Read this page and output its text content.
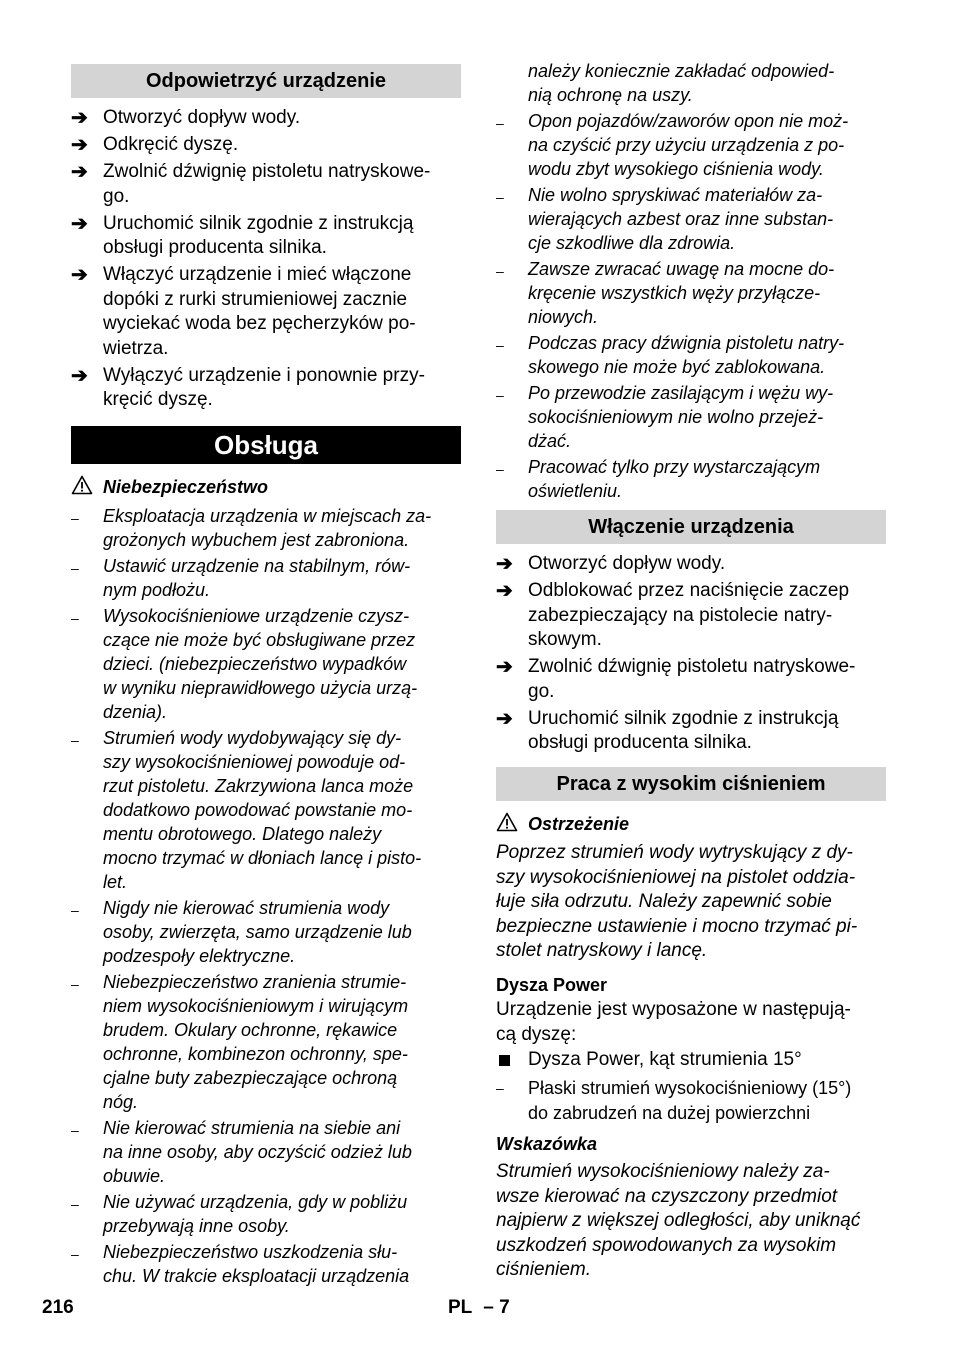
Odpowietrzyć urządzenie
➔ Otworzyć dopływ wody.
➔ Odkręcić dyszę.
➔ Zwolnić dźwignię pistoletu natryskowe-
go.
➔ Uruchomić silnik zgodnie z instrukcją
obsługi producenta silnika.
➔ Włączyć urządzenie i mieć włączone
dopóki z rurki strumieniowej zacznie
wyciekać woda bez pęcherzyków po-
wietrza.
➔ Wyłączyć urządzenie i ponownie przy-
kręcić dyszę.
Obsługa
Niebezpieczeństwo
–	Eksploatacja urządzenia w miejscach za-
grożonych wybuchem jest zabroniona.
–	Ustawić urządzenie na stabilnym, rów-
nym podłożu.
–	Wysokociśnieniowe urządzenie czysz-
czące nie może być obsługiwane przez
dzieci. (niebezpieczeństwo wypadków
w wyniku nieprawidłowego użycia urzą-
dzenia).
–	Strumień wody wydobywający się dy-
szy wysokociśnieniowej powoduje od-
rzut pistoletu. Zakrzywiona lanca może
dodatkowo powodować powstanie mo-
mentu obrotowego. Dlatego należy
mocno trzymać w dłoniach lancę i pisto-
let.
–	Nigdy nie kierować strumienia wody
osoby, zwierzęta, samo urządzenie lub
podzespoły elektryczne.
–	Niebezpieczeństwo zranienia strumie-
niem wysokociśnieniowym i wirującym
brudem. Okulary ochronne, rękawice
ochronne, kombinezon ochronny, spe-
cjalne buty zabezpieczające ochroną
nóg.
–	Nie kierować strumienia na siebie ani
na inne osoby, aby oczyścić odzież lub
obuwie.
–	Nie używać urządzenia, gdy w pobliżu
przebywają inne osoby.
–	Niebezpieczeństwo uszkodzenia słu-
chu. W trakcie eksploatacji urządzenia
należy koniecznie zakładać odpowied-
nią ochronę na uszy.
–	Opon pojazdów/zaworów opon nie moż-
na czyścić przy użyciu urządzenia z po-
wodu zbyt wysokiego ciśnienia wody.
–	Nie wolno spryskiwać materiałów za-
wierających azbest oraz inne substan-
cje szkodliwe dla zdrowia.
–	Zawsze zwracać uwagę na mocne do-
kręcenie wszystkich węży przyłącze-
niowych.
–	Podczas pracy dźwignia pistoletu natry-
skowego nie może być zablokowana.
–	Po przewodzie zasilającym i wężu wy-
sokociśnieniowym nie wolno przejeż-
dżać.
–	Pracować tylko przy wystarczającym
oświetleniu.
Włączenie urządzenia
➔ Otworzyć dopływ wody.
➔ Odblokować przez naciśnięcie zaczep
zabezpieczający na pistolecie natry-
skowym.
➔ Zwolnić dźwignię pistoletu natryskowe-
go.
➔ Uruchomić silnik zgodnie z instrukcją
obsługi producenta silnika.
Praca z wysokim ciśnieniem
Ostrzeżenie
Poprzez strumień wody wytryskujący z dy-
szy wysokociśnieniowej na pistolet oddzia-
łuje siła odrzutu. Należy zapewnić sobie
bezpieczne ustawienie i mocno trzymać pi-
stolet natryskowy i lancę.
Dysza Power
Urządzenie jest wyposażone w następują-
cą dyszę:
Dysza Power, kąt strumienia 15°
–	Płaski strumień wysokociśnieniowy (15°)
do zabrudzeń na dużej powierzchni
Wskazówka
Strumień wysokociśnieniowy należy za-
wsze kierować na czyszczony przedmiot
najpierw z większej odległości, aby uniknąć
uszkodzeń spowodowanych za wysokim
ciśnieniem.
216	PL – 7
